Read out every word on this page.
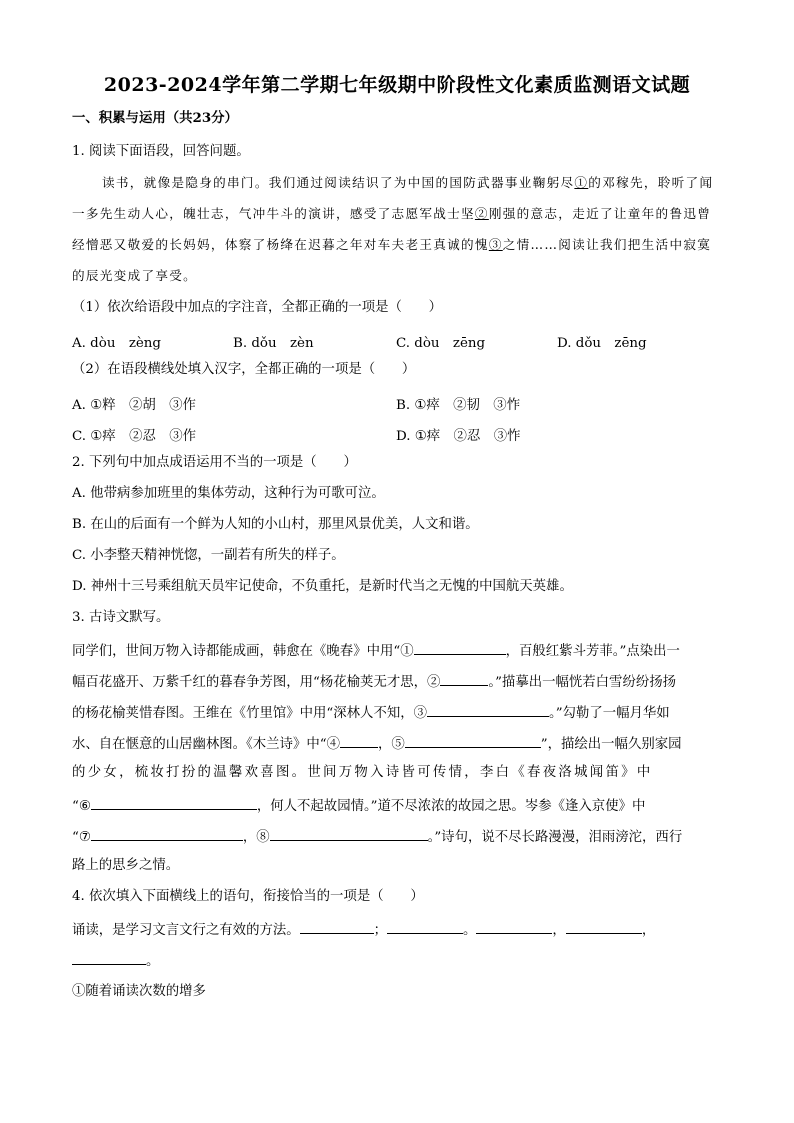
2023-2024学年第二学期七年级期中阶段性文化素质监测语文试题
一、积累与运用（共23分）
1. 阅读下面语段，回答问题。
读书，就像是隐身的串门。我们通过阅读结识了为中国的国防武器事业鞠躬尽①的邓稼先，聆听了闻
一多先生动人心，魄壮志，气冲牛斗的演讲，感受了志愿军战士坚②刚强的意志，走近了让童年的鲁迅曾
经憎恶又敬爱的长妈妈，体察了杨绛在迟暮之年对车夫老王真诚的愧③之情……阅读让我们把生活中寂寞
的辰光变成了享受。
（1）依次给语段中加点的字注音，全都正确的一项是（　　）
A. dòu　zèng	B. dǒu　zèn	C. dòu　zēng	D. dǒu　zēng
（2）在语段横线处填入汉字，全都正确的一项是（　　）
A. ①粹　②胡　③作	B. ①瘁　②韧　③怍
C. ①瘁　②忍　③作	D. ①瘁　②忍　③怍
2. 下列句中加点成语运用不当的一项是（　　）
A. 他带病参加班里的集体劳动，这种行为可歌可泣。
B. 在山的后面有一个鲜为人知的小山村，那里风景优美，人文和谐。
C. 小李整天精神恍惚，一副若有所失的样子。
D. 神州十三号乘组航天员牢记使命，不负重托，是新时代当之无愧的中国航天英雄。
3. 古诗文默写。
同学们，世间万物入诗都能成画，韩愈在《晚春》中用“①	，百般红紫斗芳菲。”点染出一
幅百花盛开、万紫千红的暮春争芳图，用“杨花榆荚无才思，②	。”描摹出一幅恍若白雪纷纷扬扬
的杨花榆荚惜春图。王维在《竹里馆》中用“深林人不知，③	。”勾勒了一幅月华如
水、自在惬意的山居幽林图。《木兰诗》中“④	，⑤	”，描绘出一幅久别家园
的少女，梳妆打扮的温馨欢喜图。世间万物入诗皆可传情，李白《春夜洛城闻笛》中
“⑥	，何人不起故园情。”道不尽浓浓的故园之思。岑参《逢入京使》中
“⑦	，⑧	。”诗句，说不尽长路漫漫，泪雨滂沱，西行
路上的思乡之情。
4. 依次填入下面横线上的语句，衔接恰当的一项是（　　）
诵读，是学习文言文行之有效的方法。	；	。	，	，
。
①随着诵读次数的增多
